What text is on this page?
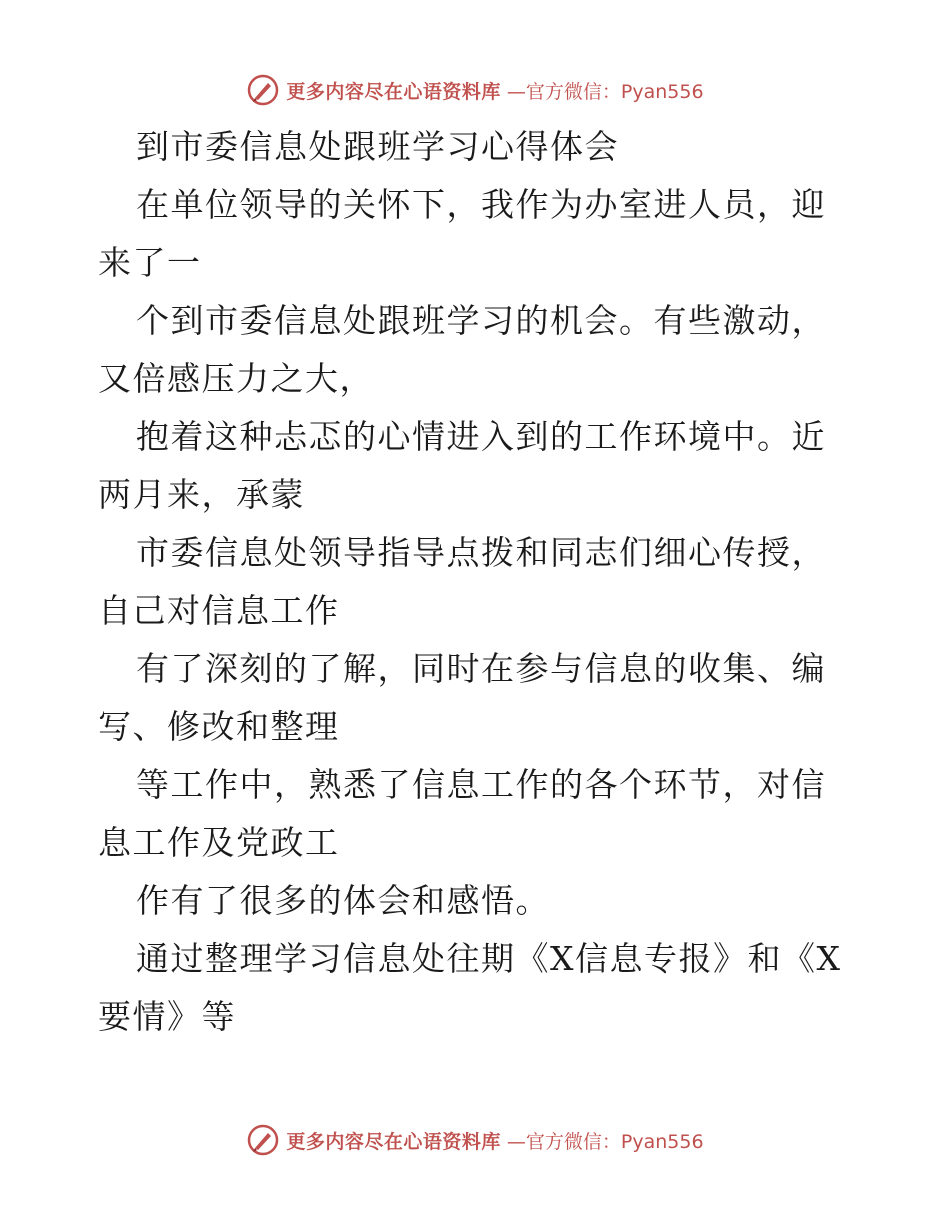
更多内容尽在心语资料库 —官方微信：Pyan556

到市委信息处跟班学习心得体会

在单位领导的关怀下，我作为办室进人员，迎来了一

个到市委信息处跟班学习的机会。有些激动，又倍感压力之大，

抱着这种忐忑的心情进入到的工作环境中。近两月来，承蒙

市委信息处领导指导点拨和同志们细心传授，自己对信息工作

有了深刻的了解，同时在参与信息的收集、编写、修改和整理

等工作中，熟悉了信息工作的各个环节，对信息工作及党政工

作有了很多的体会和感悟。

通过整理学习信息处往期《X信息专报》和《X要情》等

更多内容尽在心语资料库 —官方微信：Pyan556
